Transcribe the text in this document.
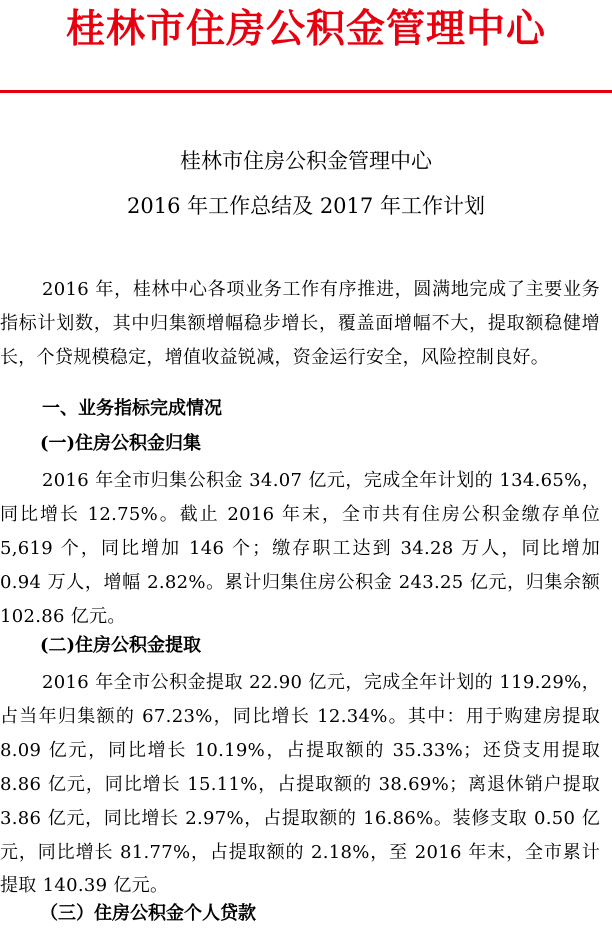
桂林市住房公积金管理中心
桂林市住房公积金管理中心
2016 年工作总结及 2017 年工作计划
2016 年，桂林中心各项业务工作有序推进，圆满地完成了主要业务指标计划数，其中归集额增幅稳步增长，覆盖面增幅不大，提取额稳健增长，个贷规模稳定，增值收益锐减，资金运行安全，风险控制良好。
一、业务指标完成情况
(一)住房公积金归集
2016 年全市归集公积金 34.07 亿元，完成全年计划的 134.65%，同比增长 12.75%。截止 2016 年末，全市共有住房公积金缴存单位 5,619 个，同比增加 146 个；缴存职工达到 34.28 万人，同比增加 0.94 万人，增幅 2.82%。累计归集住房公积金 243.25 亿元，归集余额 102.86 亿元。
(二)住房公积金提取
2016 年全市公积金提取 22.90 亿元，完成全年计划的 119.29%，占当年归集额的 67.23%，同比增长 12.34%。其中：用于购建房提取 8.09 亿元，同比增长 10.19%，占提取额的 35.33%；还贷支用提取 8.86 亿元，同比增长 15.11%，占提取额的 38.69%；离退休销户提取 3.86 亿元，同比增长 2.97%，占提取额的 16.86%。装修支取 0.50 亿元，同比增长 81.77%，占提取额的 2.18%，至 2016 年末，全市累计提取 140.39 亿元。
（三）住房公积金个人贷款
